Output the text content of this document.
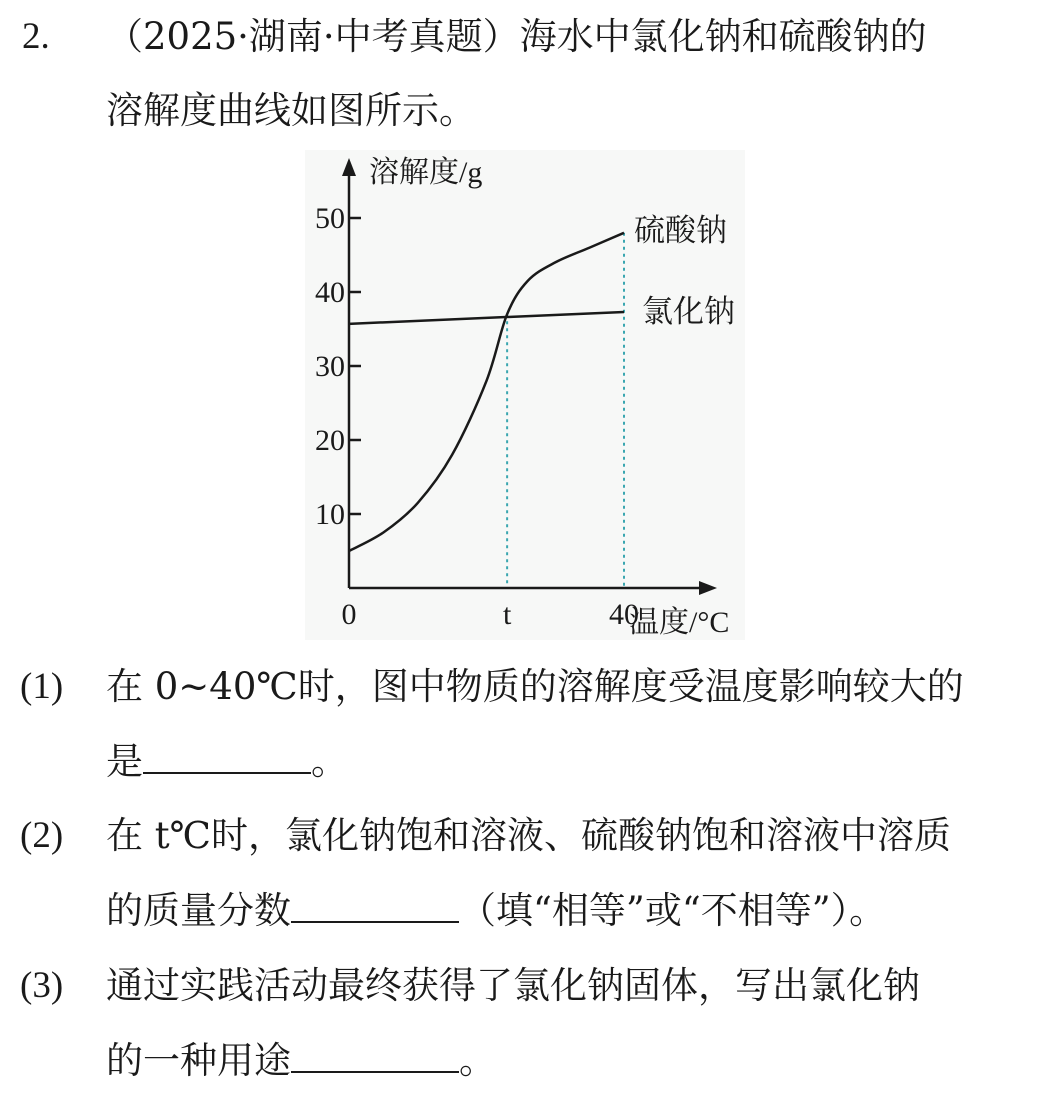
2. （2025·湖南·中考真题）海水中氯化钠和硫酸钠的
溶解度曲线如图所示。
10
20
30
40
50
0	t	40
硫酸钠
氯化钠
溶解度/g
温度/°C
(1) 在 0~40℃时，图中物质的溶解度受温度影响较大的
是	。
(2) 在 t℃时，氯化钠饱和溶液、硫酸钠饱和溶液中溶质
的质量分数	（填“相等”或“不相等”）。
(3) 通过实践活动最终获得了氯化钠固体，写出氯化钠
的一种用途	。
